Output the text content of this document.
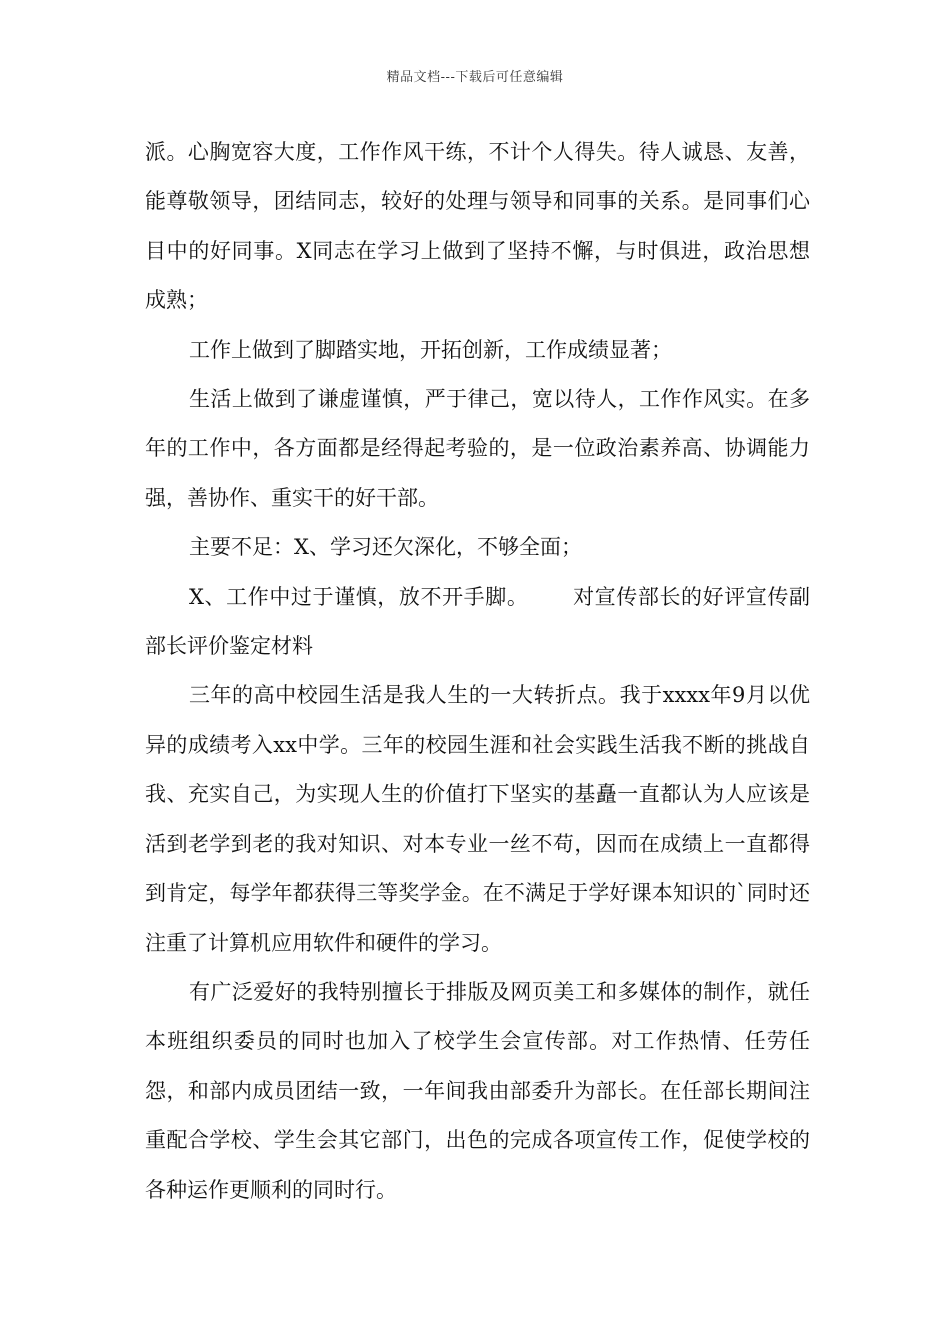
精品文档---下载后可任意编辑

派。心胸宽容大度，工作作风干练，不计个人得失。待人诚恳、友善，能尊敬领导，团结同志，较好的处理与领导和同事的关系。是同事们心目中的好同事。X同志在学习上做到了坚持不懈，与时俱进，政治思想成熟；

工作上做到了脚踏实地，开拓创新，工作成绩显著；

生活上做到了谦虚谨慎，严于律己，宽以待人，工作作风实。在多年的工作中，各方面都是经得起考验的，是一位政治素养高、协调能力强，善协作、重实干的好干部。

主要不足：X、学习还欠深化，不够全面；

X、工作中过于谨慎，放不开手脚。 对宣传部长的好评宣传副部长评价鉴定材料

三年的高中校园生活是我人生的一大转折点。我于xxxx年9月以优异的成绩考入xx中学。三年的校园生涯和社会实践生活我不断的挑战自我、充实自己，为实现人生的价值打下坚实的基矗一直都认为人应该是活到老学到老的我对知识、对本专业一丝不苟，因而在成绩上一直都得到肯定，每学年都获得三等奖学金。在不满足于学好课本知识的`同时还注重了计算机应用软件和硬件的学习。

有广泛爱好的我特别擅长于排版及网页美工和多媒体的制作，就任本班组织委员的同时也加入了校学生会宣传部。对工作热情、任劳任怨，和部内成员团结一致，一年间我由部委升为部长。在任部长期间注重配合学校、学生会其它部门，出色的完成各项宣传工作，促使学校的各种运作更顺利的同时行。
